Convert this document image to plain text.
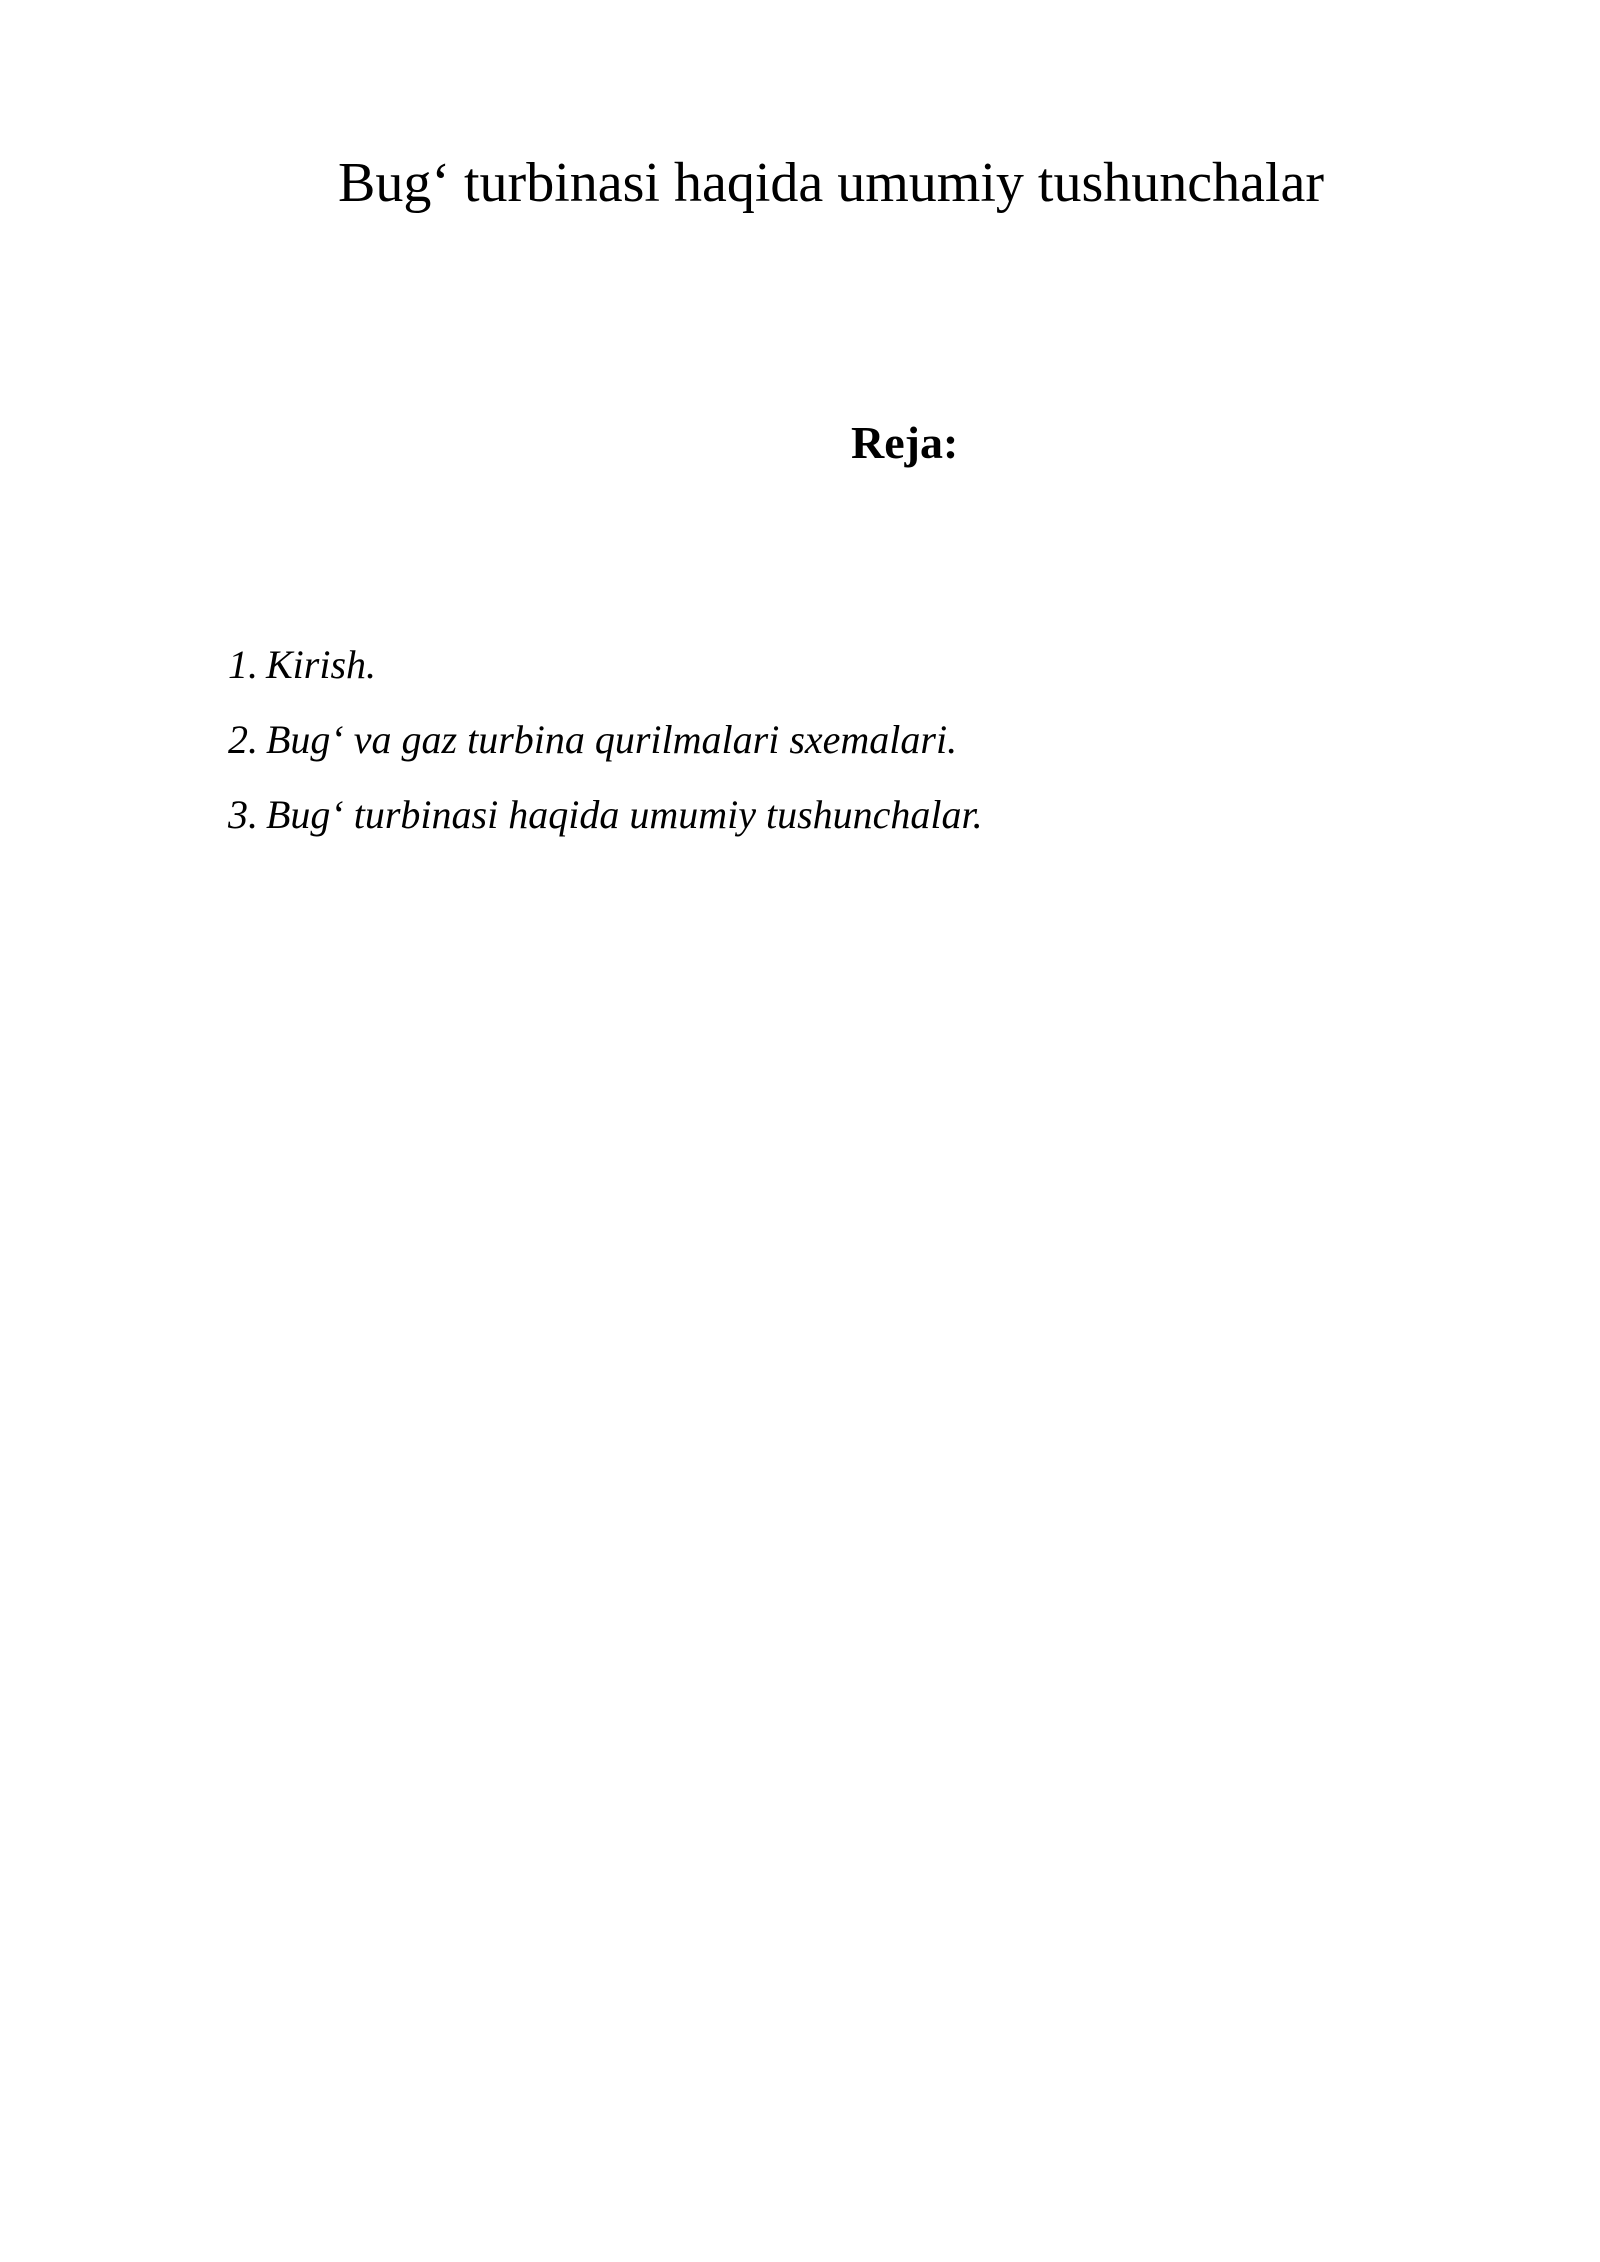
Bug‘ turbinasi haqida umumiy tushunchalar
Reja:
1. Kirish.
2. Bug‘ va gaz turbina qurilmalari sxemalari.
3. Bug‘ turbinasi haqida umumiy tushunchalar.
